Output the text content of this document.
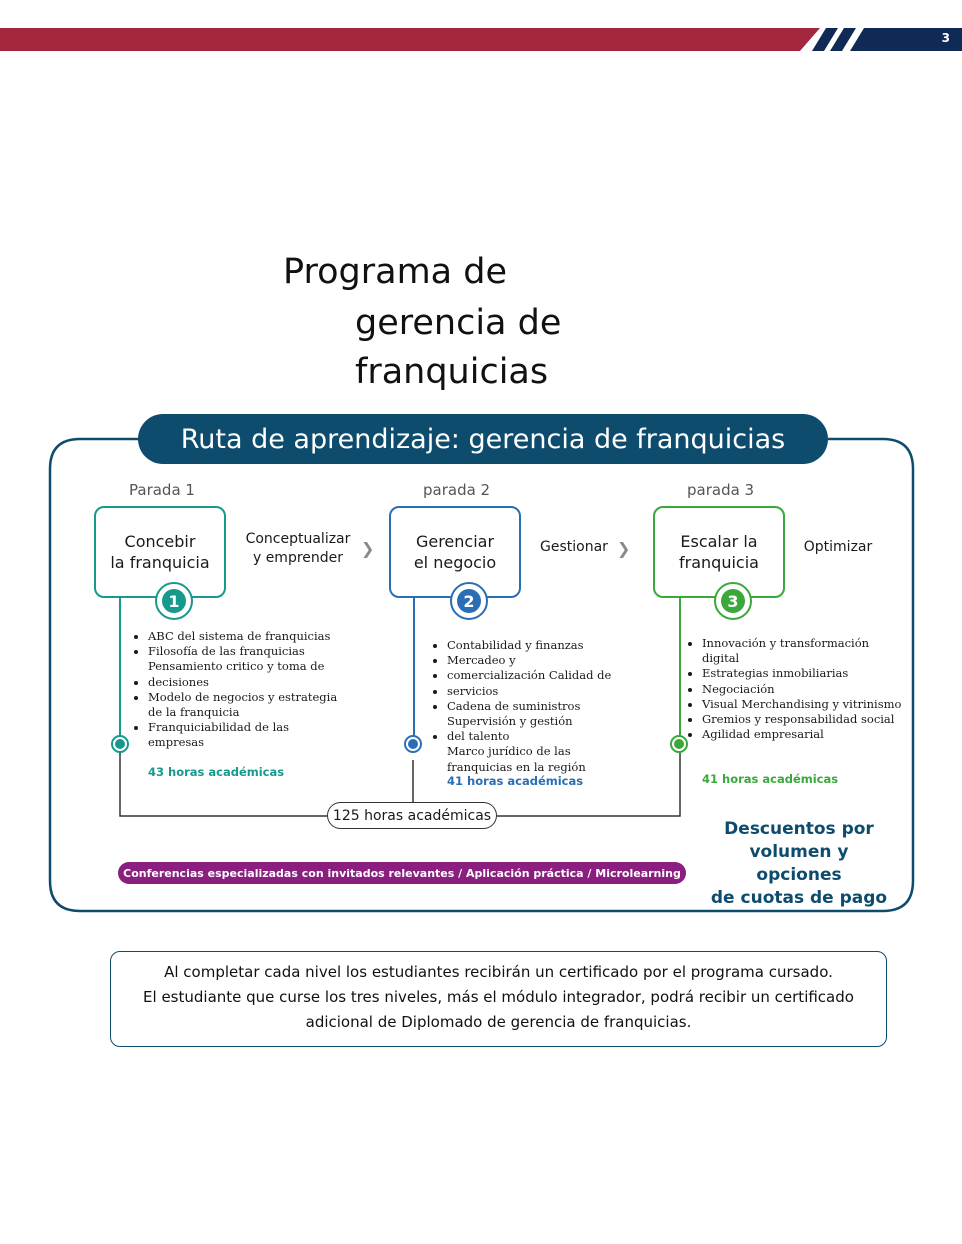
3
Programa de
gerencia de
franquicias
Ruta de aprendizaje: gerencia de franquicias
Parada 1
Concebir
la franquicia
1
Conceptualizar
y emprender	❯
• ABC del sistema de franquicias
• Filosofía de las franquicias
Pensamiento critico y toma de
• decisiones
• Modelo de negocios y estrategia
de la franquicia
• Franquiciabilidad de las
empresas
43 horas académicas
parada 2
Gerenciar
el negocio
2
Gestionar ❯
• Contabilidad y finanzas
• Mercadeo y
• comercialización Calidad de
• servicios
• Cadena de suministros
Supervisión y gestión
• del talento
Marco jurídico de las
franquicias en la región
41 horas académicas
parada 3
Escalar la
franquicia
3
Optimizar
• Innovación y transformación
digital
• Estrategias inmobiliarias
• Negociación
• Visual Merchandising y vitrinismo
• Gremios y responsabilidad social
• Agilidad empresarial
41 horas académicas
125 horas académicas
Conferencias especializadas con invitados relevantes / Aplicación práctica / Microlearning
Descuentos por
volumen y opciones
de cuotas de pago
Al completar cada nivel los estudiantes recibirán un certificado por el programa cursado.
El estudiante que curse los tres niveles, más el módulo integrador, podrá recibir un certificado
adicional de Diplomado de gerencia de franquicias.
